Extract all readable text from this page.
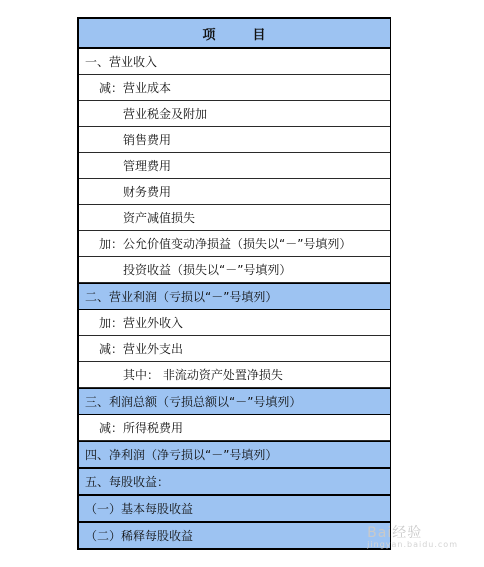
项	目
一、营业收入
减：营业成本
营业税金及附加
销售费用
管理费用
财务费用
资产减值损失
加：公允价值变动净损益（损失以“－”号填列）
投资收益（损失以“－”号填列）
二、营业利润（亏损以“－”号填列）
加：营业外收入
减：营业外支出
其中： 非流动资产处置净损失
三、利润总额（亏损总额以“－”号填列）
减：所得税费用
四、净利润（净亏损以“－”号填列）
五、每股收益：
（一）基本每股收益
（二）稀释每股收益	Bai经验
jingyan.baidu.com
